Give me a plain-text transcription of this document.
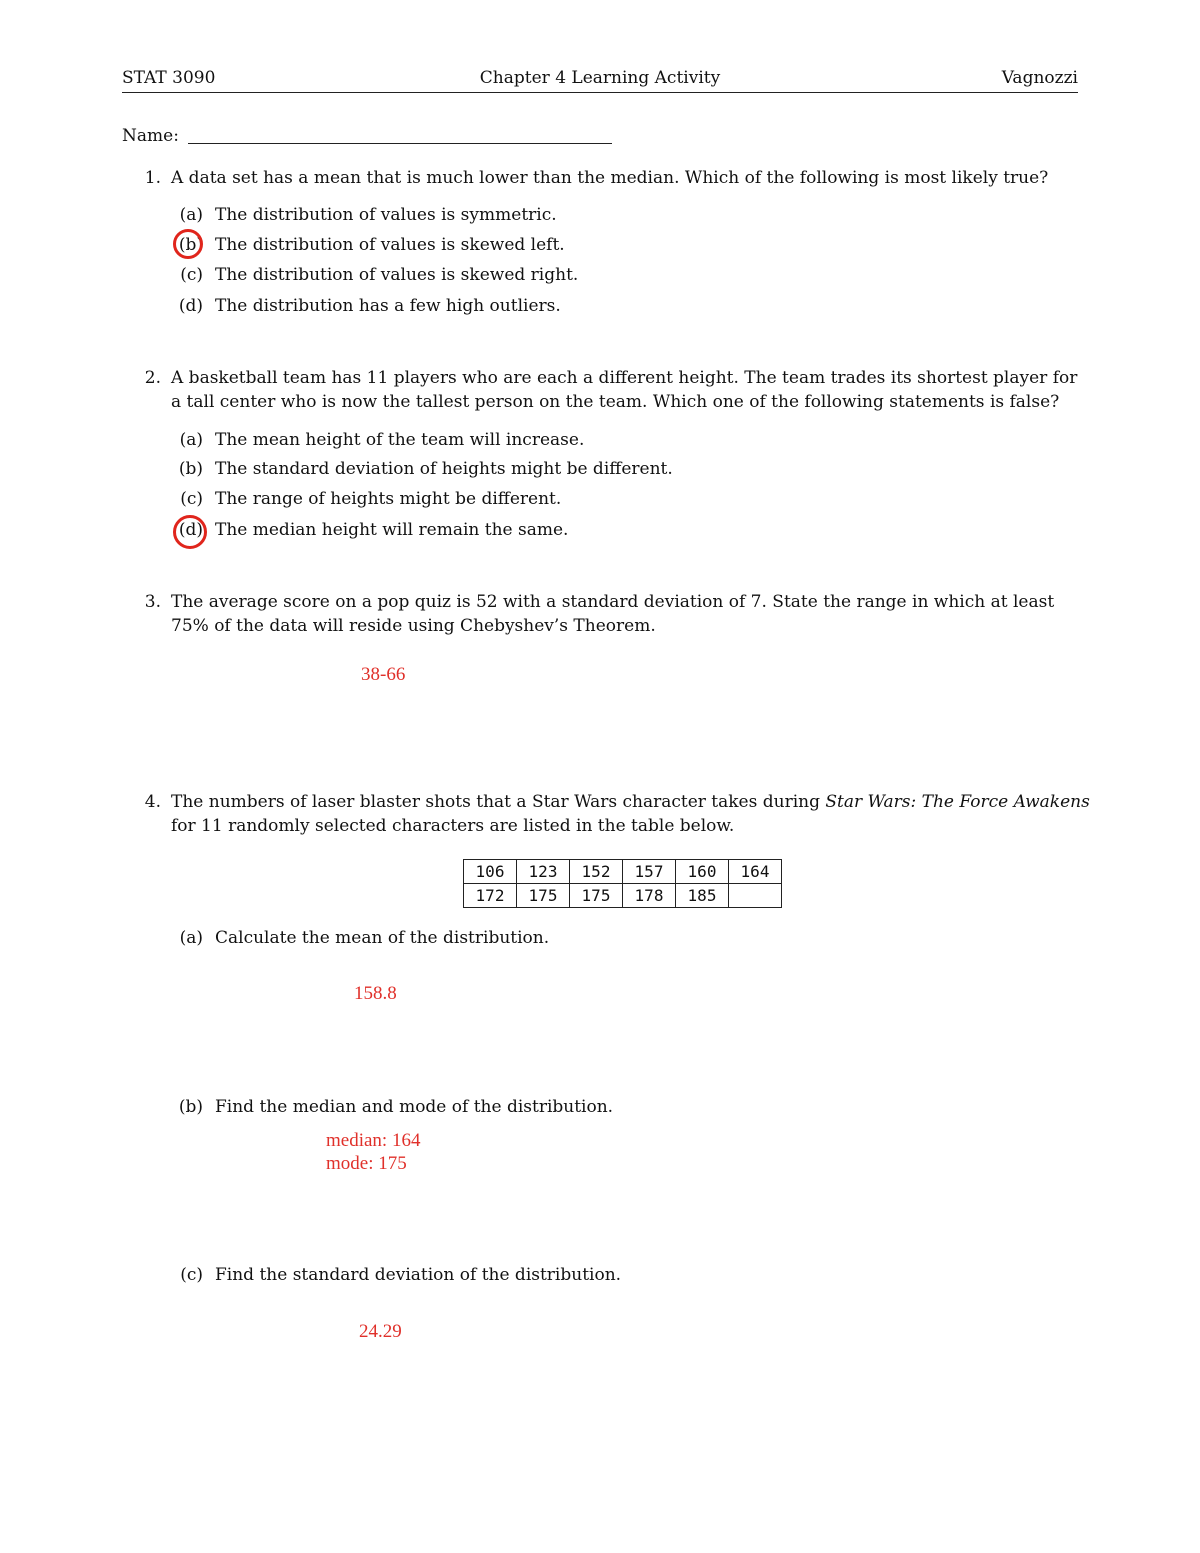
STAT 3090	Chapter 4 Learning Activity	Vagnozzi
Name:
1. A data set has a mean that is much lower than the median. Which of the following is most likely true?
(a) The distribution of values is symmetric.
(b) The distribution of values is skewed left.
(c) The distribution of values is skewed right.
(d) The distribution has a few high outliers.
2. A basketball team has 11 players who are each a different height. The team trades its shortest player for
a tall center who is now the tallest person on the team. Which one of the following statements is false?
(a) The mean height of the team will increase.
(b) The standard deviation of heights might be different.
(c) The range of heights might be different.
(d) The median height will remain the same.
3. The average score on a pop quiz is 52 with a standard deviation of 7. State the range in which at least
75% of the data will reside using Chebyshev’s Theorem.
38-66
4. The numbers of laser blaster shots that a Star Wars character takes during Star Wars: The Force Awakens
for 11 randomly selected characters are listed in the table below.
106	123	152	157	160	164
172	175	175	178	185	
(a) Calculate the mean of the distribution.
158.8
(b) Find the median and mode of the distribution.
median: 164
mode: 175
(c) Find the standard deviation of the distribution.
24.29
